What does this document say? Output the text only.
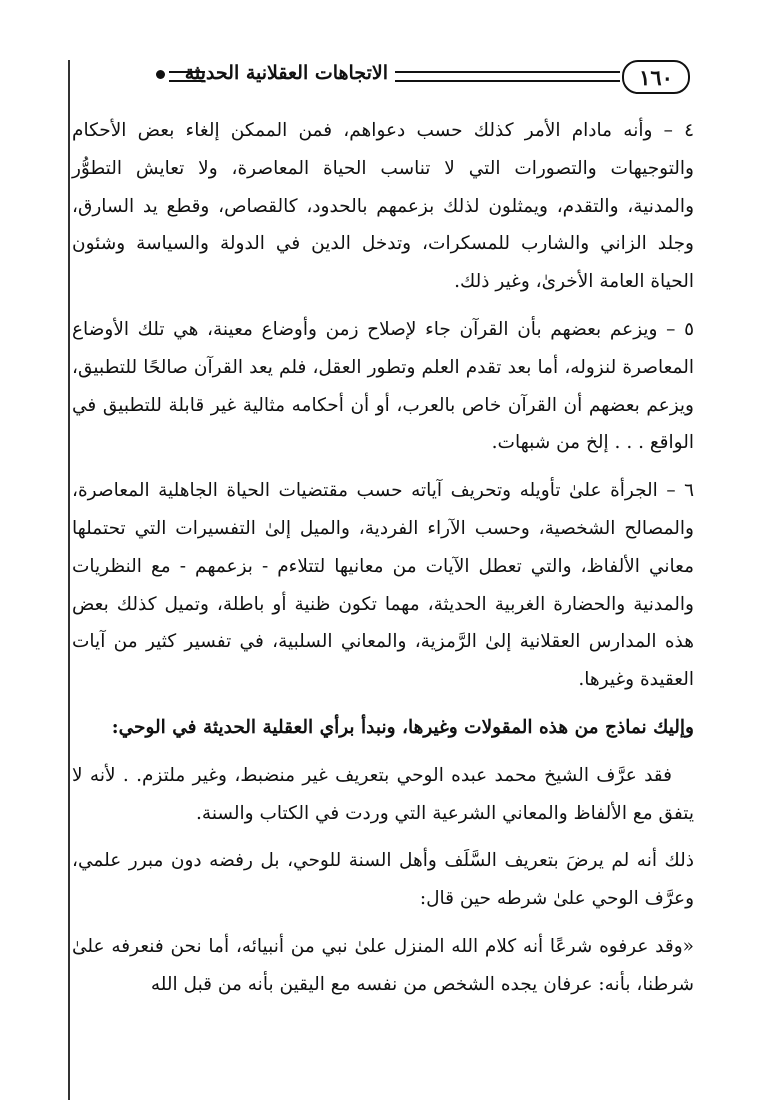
١٦٠
الاتجاهات العقلانية الحديثة

٤ – وأنه مادام الأمر كذلك حسب دعواهم، فمن الممكن إلغاء بعض الأحكام والتوجيهات والتصورات التي لا تناسب الحياة المعاصرة، ولا تعايش التطوُّر والمدنية، والتقدم، ويمثلون لذلك بزعمهم بالحدود، كالقصاص، وقطع يد السارق، وجلد الزاني والشارب للمسكرات، وتدخل الدين في الدولة والسياسة وشئون الحياة العامة الأخرىٰ، وغير ذلك.

٥ – ويزعم بعضهم بأن القرآن جاء لإصلاح زمن وأوضاع معينة، هي تلك الأوضاع المعاصرة لنزوله، أما بعد تقدم العلم وتطور العقل، فلم يعد القرآن صالحًا للتطبيق، ويزعم بعضهم أن القرآن خاص بالعرب، أو أن أحكامه مثالية غير قابلة للتطبيق في الواقع . . . إلخ من شبهات.

٦ – الجرأة علىٰ تأويله وتحريف آياته حسب مقتضيات الحياة الجاهلية المعاصرة، والمصالح الشخصية، وحسب الآراء الفردية، والميل إلىٰ التفسيرات التي تحتملها معاني الألفاظ، والتي تعطل الآيات من معانيها لتتلاءم - بزعمهم - مع النظريات والمدنية والحضارة الغربية الحديثة، مهما تكون ظنية أو باطلة، وتميل كذلك بعض هذه المدارس العقلانية إلىٰ الرَّمزية، والمعاني السلبية، في تفسير كثير من آيات العقيدة وغيرها.

وإليك نماذج من هذه المقولات وغيرها، ونبدأ برأي العقلية الحديثة في الوحي:

فقد عرَّف الشيخ محمد عبده الوحي بتعريف غير منضبط، وغير ملتزم. . لأنه لا يتفق مع الألفاظ والمعاني الشرعية التي وردت في الكتاب والسنة.

ذلك أنه لم يرضَ بتعريف السَّلَف وأهل السنة للوحي، بل رفضه دون مبرر علمي، وعرَّف الوحي علىٰ شرطه حين قال:

«وقد عرفوه شرعًا أنه كلام الله المنزل علىٰ نبي من أنبيائه، أما نحن فنعرفه علىٰ شرطنا، بأنه: عرفان يجده الشخص من نفسه مع اليقين بأنه من قبل الله
